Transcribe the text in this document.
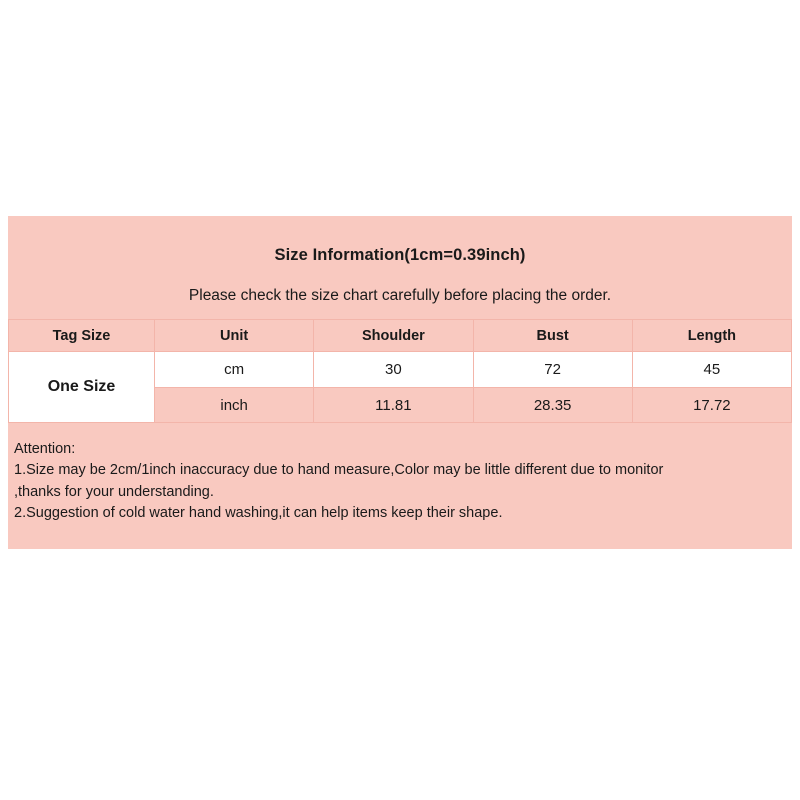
Size Information(1cm=0.39inch)
Please check the size chart carefully before placing the order.
Tag Size	Unit	Shoulder	Bust	Length
One Size	cm	30	72	45
	inch	11.81	28.35	17.72
Attention:
1.Size may be 2cm/1inch inaccuracy due to hand measure,Color may be little different due to monitor
,thanks for your understanding.
2.Suggestion of cold water hand washing,it can help items keep their shape.
